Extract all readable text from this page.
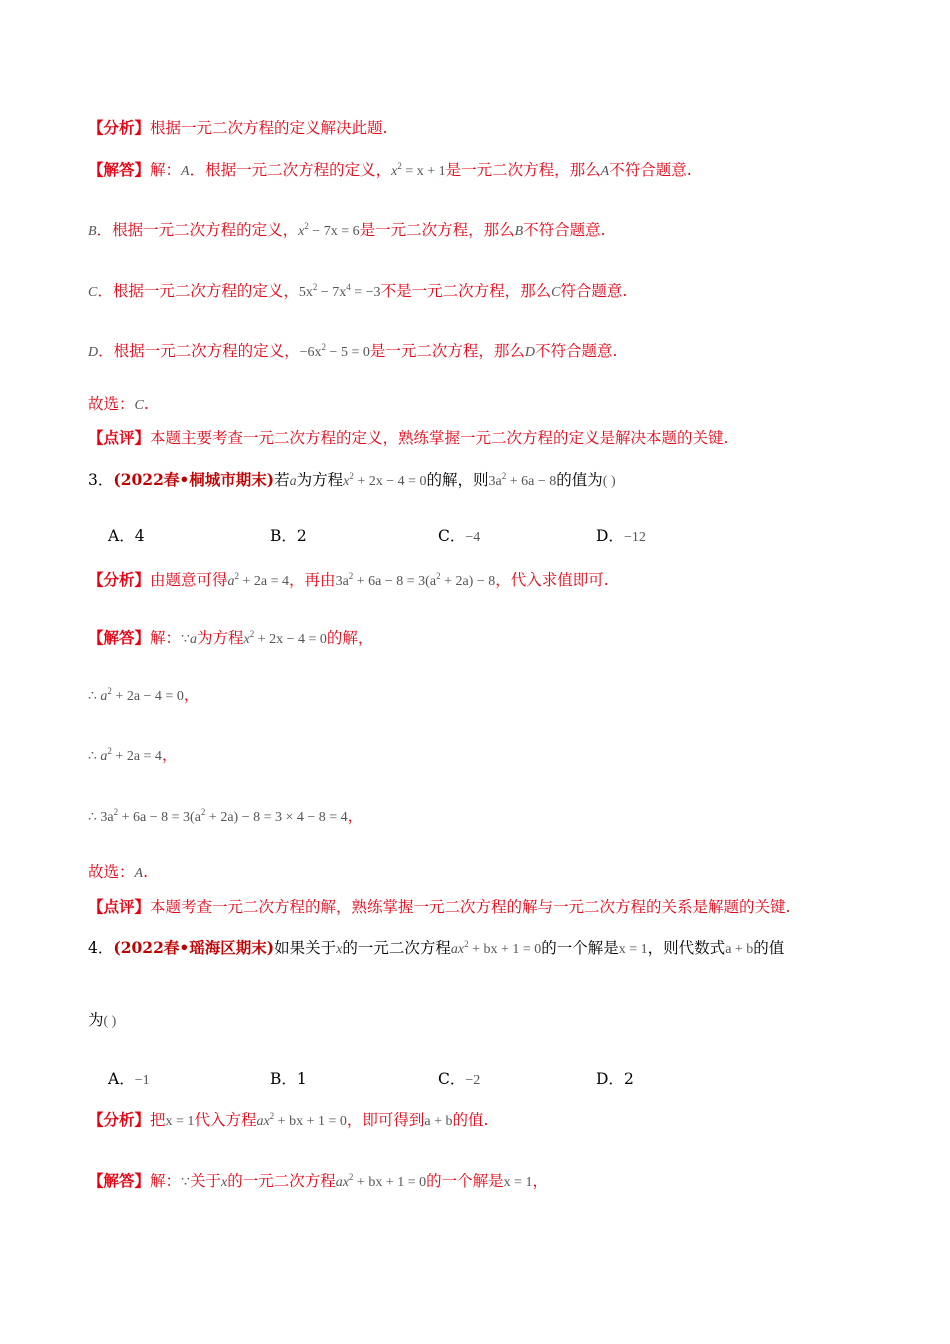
【分析】根据一元二次方程的定义解决此题.
【解答】解：A．根据一元二次方程的定义，$x^2 = x + 1$是一元二次方程，那么A不符合题意.
B．根据一元二次方程的定义，$x^2 - 7x = 6$是一元二次方程，那么B不符合题意.
C．根据一元二次方程的定义，$5x^2 - 7x^4 = -3$不是一元二次方程，那么C符合题意.
D．根据一元二次方程的定义，$-6x^2 - 5 = 0$是一元二次方程，那么D不符合题意.
故选：C.
【点评】本题主要考查一元二次方程的定义，熟练掌握一元二次方程的定义是解决本题的关键.
3．(2022春•桐城市期末)若a为方程$x^2 + 2x - 4 = 0$的解，则$3a^2 + 6a - 8$的值为( )
A．4	B．2	C．−4	D．−12
【分析】由题意可得$a^2 + 2a = 4$，再由$3a^2 + 6a - 8 = 3(a^2 + 2a) - 8$，代入求值即可.
【解答】解：∵a为方程$x^2 + 2x - 4 = 0$的解，
∴ $a^2 + 2a - 4 = 0$，
∴ $a^2 + 2a = 4$，
∴ $3a^2 + 6a - 8 = 3(a^2 + 2a) - 8 = 3 \times 4 - 8 = 4$，
故选：A.
【点评】本题考查一元二次方程的解，熟练掌握一元二次方程的解与一元二次方程的关系是解题的关键.
4．(2022春•瑶海区期末)如果关于x的一元二次方程$ax^2$ + bx + 1 = 0的一个解是x = 1，则代数式a + b的值
为( )
A．−1	B．1	C．−2	D．2
【分析】把x = 1代入方程$ax^2$ + bx + 1 = 0，即可得到a + b的值.
【解答】解：∵关于x的一元二次方程$ax^2$ + bx + 1 = 0的一个解是x = 1，
